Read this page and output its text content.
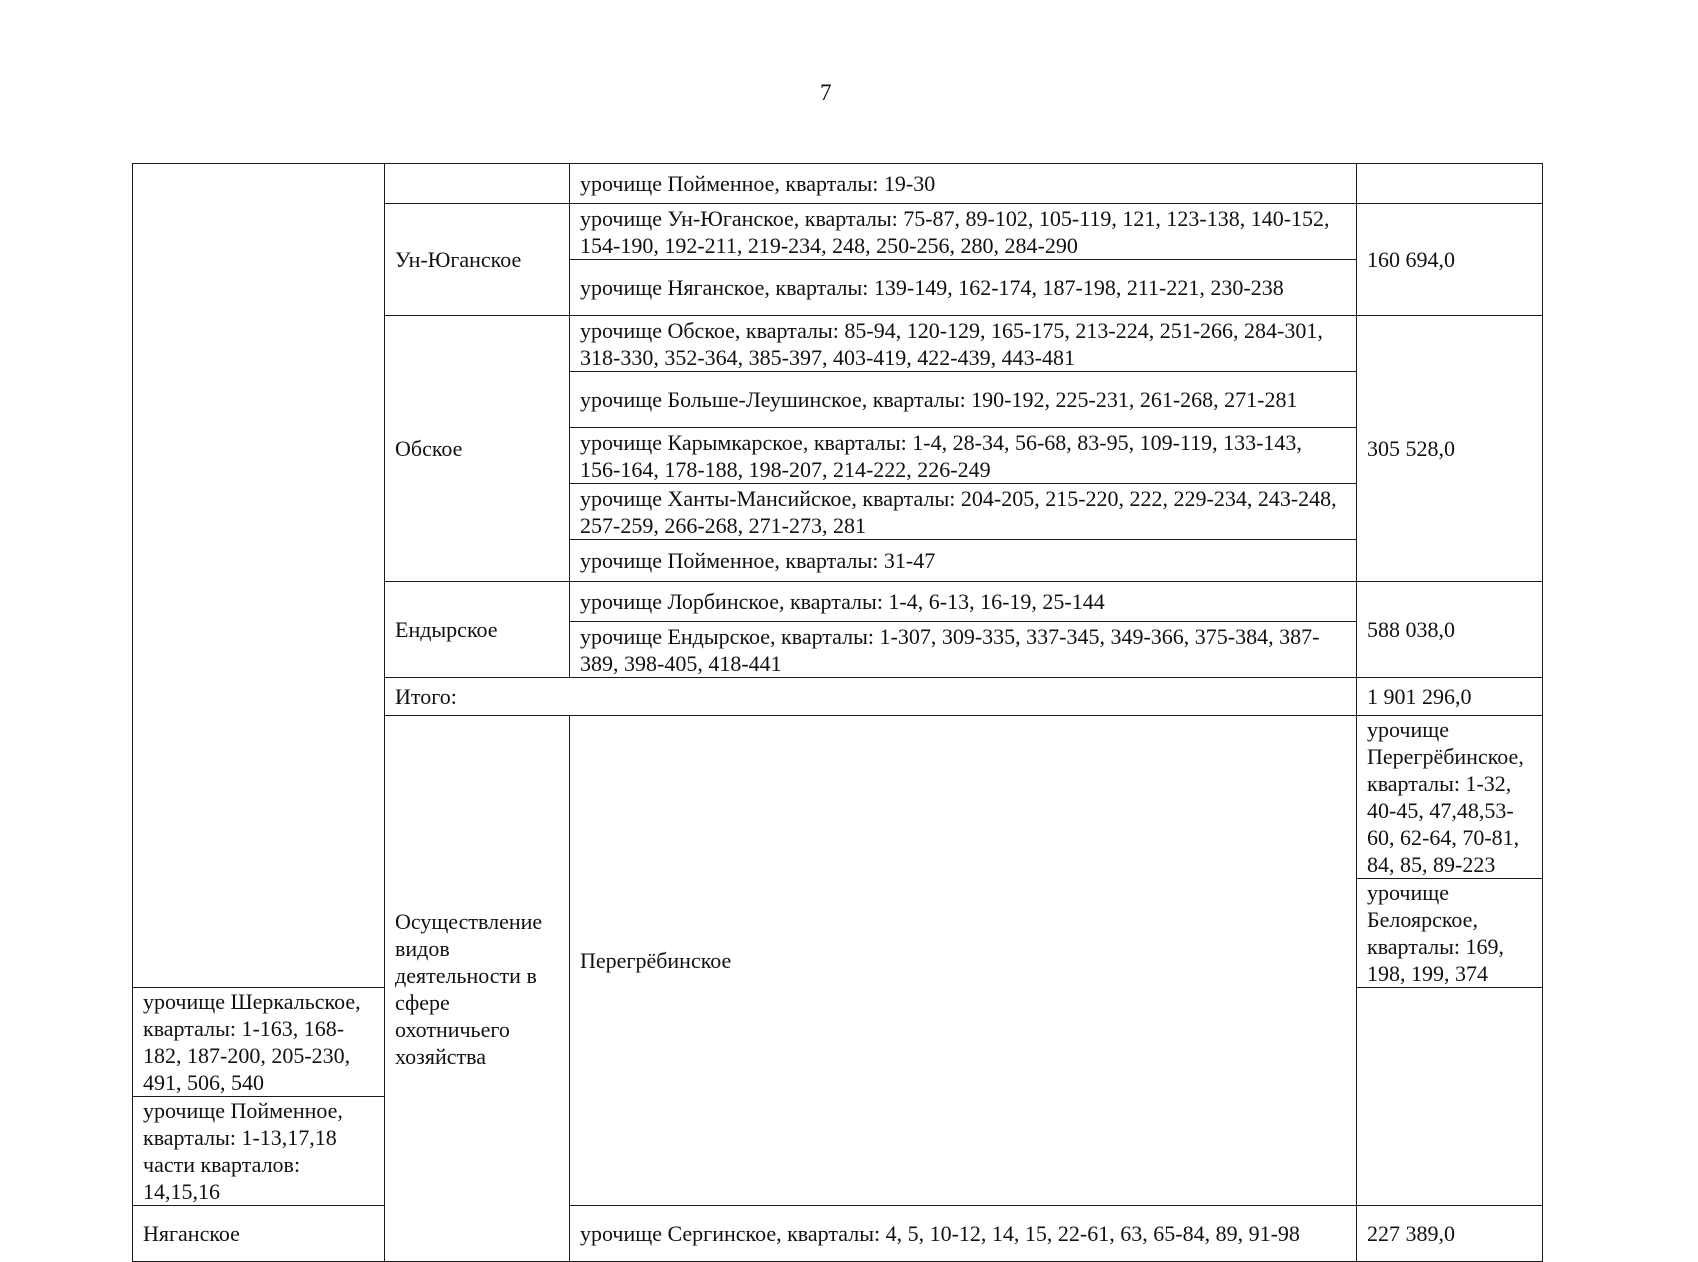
7
		урочище Пойменное, кварталы: 19-30		
	Ун-Юганское	урочище Ун-Юганское, кварталы: 75-87, 89-102, 105-119, 121, 123-138, 140-152, 154-190, 192-211, 219-234, 248, 250-256, 280, 284-290	160 694,0	
		урочище Няганское, кварталы: 139-149, 162-174, 187-198, 211-221, 230-238		
	Обское	урочище Обское, кварталы: 85-94, 120-129, 165-175, 213-224, 251-266, 284-301, 318-330, 352-364, 385-397, 403-419, 422-439, 443-481	305 528,0	
		урочище Больше-Леушинское, кварталы: 190-192, 225-231, 261-268, 271-281		
		урочище Карымкарское, кварталы: 1-4, 28-34, 56-68, 83-95, 109-119, 133-143, 156-164, 178-188, 198-207, 214-222, 226-249		
		урочище Ханты-Мансийское, кварталы: 204-205, 215-220, 222, 229-234, 243-248, 257-259, 266-268, 271-273, 281		
		урочище Пойменное, кварталы: 31-47		
	Ендырское	урочище Лорбинское, кварталы: 1-4, 6-13, 16-19, 25-144	588 038,0	
		урочище Ендырское, кварталы: 1-307, 309-335, 337-345, 349-366, 375-384, 387-389, 398-405, 418-441		
	Итого:		1 901 296,0	
	Осуществление видов деятельности в сфере охотничьего хозяйства	Перегрёбинское	урочище Перегрёбинское, кварталы: 1-32, 40-45, 47,48,53-60, 62-64, 70-81, 84, 85, 89-223	
			урочище Белоярское, кварталы: 169, 198, 199, 374	
урочище Шеркальское, кварталы: 1-163, 168-182, 187-200, 205-230, 491, 506, 540				

урочище Пойменное, кварталы: 1-13,17,18
части кварталов: 14,15,16				

Няганское		урочище Сергинское, кварталы: 4, 5, 10-12, 14, 15, 22-61, 63, 65-84, 89, 91-98	227 389,0	
